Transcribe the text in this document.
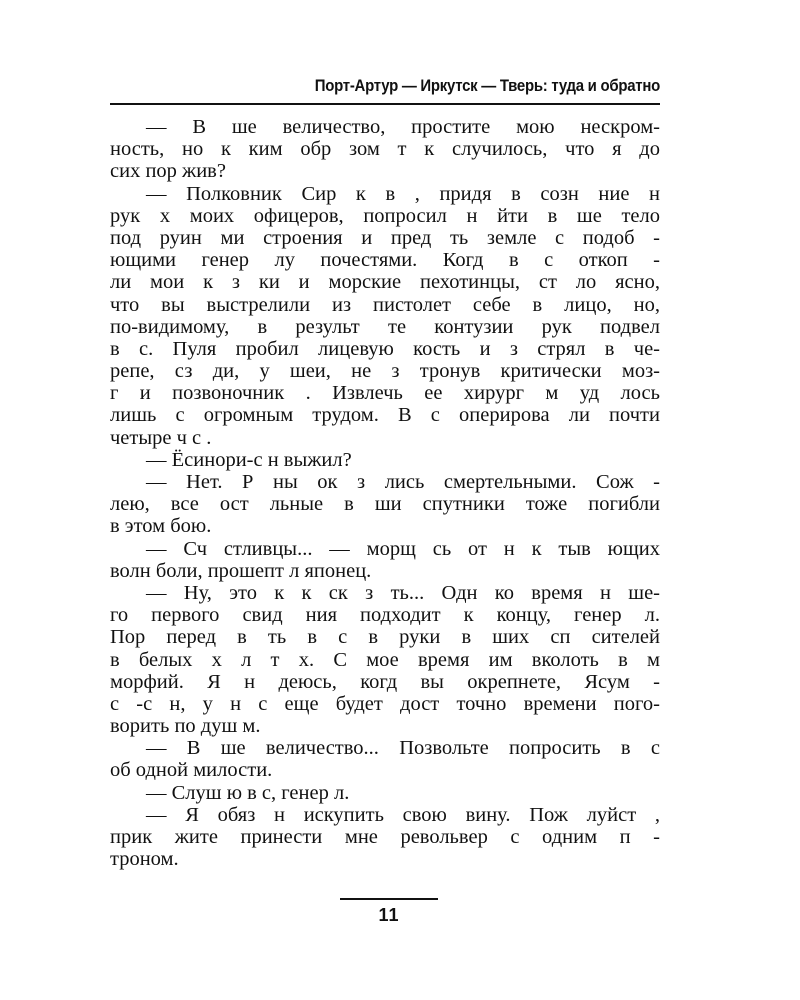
Порт-Артур — Иркутск — Тверь: туда и обратно
— В ше величество, простите мою нескром-
ность, но к ким обр зом т к случилось, что я до
сих пор жив?
— Полковник Сир к в , придя в созн ние н
рук х моих офицеров, попросил н йти в ше тело
под руин ми строения и пред ть земле с подоб -
ющими генер лу почестями. Когд в с откоп -
ли мои к з ки и морские пехотинцы, ст ло ясно,
что вы выстрелили из пистолет себе в лицо, но,
по-видимому, в результ те контузии рук подвел
в с. Пуля пробил лицевую кость и з стрял в че-
репе, сз ди, у шеи, не з тронув критически моз-
г и позвоночник . Извлечь ее хирург м уд лось
лишь с огромным трудом. В с оперирова ли почти
четыре ч с .
— Ёсинори-с н выжил?
— Нет. Р ны ок з лись смертельными. Сож -
лею, все ост льные в ши спутники тоже погибли
в этом бою.
— Сч стливцы... — морщ сь от н к тыв ющих
волн боли, прошепт л японец.
— Ну, это к к ск з ть... Одн ко время н ше-
го первого свид ния подходит к концу, генер л.
Пор перед в ть в с в руки в ших сп сителей
в белых х л т х. С мое время им вколоть в м
морфий. Я н деюсь, когд вы окрепнете, Ясум -
с -с н, у н с еще будет дост точно времени пого-
ворить по душ м.
— В ше величество... Позвольте попросить в с
об одной милости.
— Слуш ю в с, генер л.
— Я обяз н искупить свою вину. Пож луйст ,
прик жите принести мне револьвер с одним п -
троном.
11
